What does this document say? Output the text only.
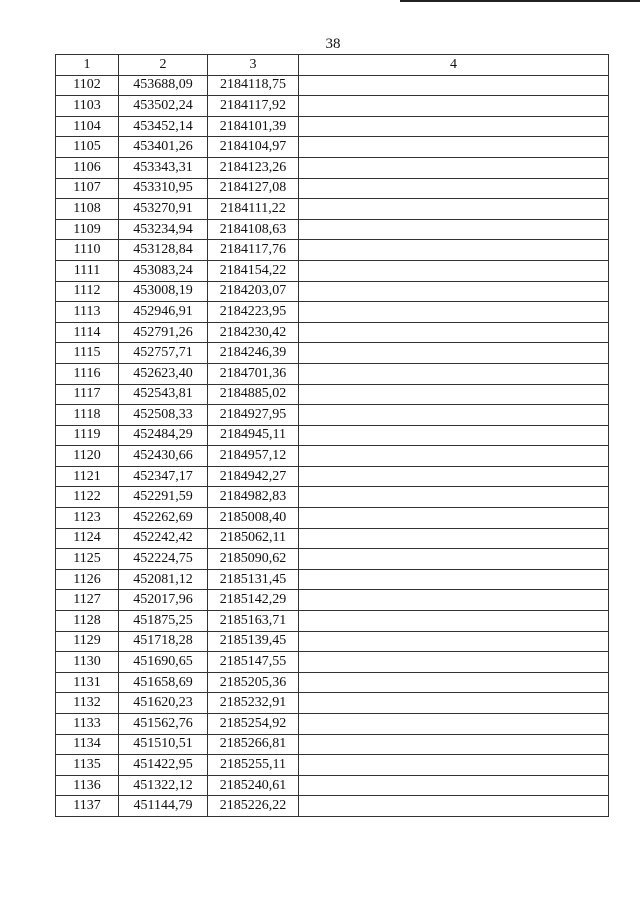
38
1	2	3	4
1102	453688,09	2184118,75	
1103	453502,24	2184117,92	
1104	453452,14	2184101,39	
1105	453401,26	2184104,97	
1106	453343,31	2184123,26	
1107	453310,95	2184127,08	
1108	453270,91	2184111,22	
1109	453234,94	2184108,63	
1110	453128,84	2184117,76	
1111	453083,24	2184154,22	
1112	453008,19	2184203,07	
1113	452946,91	2184223,95	
1114	452791,26	2184230,42	
1115	452757,71	2184246,39	
1116	452623,40	2184701,36	
1117	452543,81	2184885,02	
1118	452508,33	2184927,95	
1119	452484,29	2184945,11	
1120	452430,66	2184957,12	
1121	452347,17	2184942,27	
1122	452291,59	2184982,83	
1123	452262,69	2185008,40	
1124	452242,42	2185062,11	
1125	452224,75	2185090,62	
1126	452081,12	2185131,45	
1127	452017,96	2185142,29	
1128	451875,25	2185163,71	
1129	451718,28	2185139,45	
1130	451690,65	2185147,55	
1131	451658,69	2185205,36	
1132	451620,23	2185232,91	
1133	451562,76	2185254,92	
1134	451510,51	2185266,81	
1135	451422,95	2185255,11	
1136	451322,12	2185240,61	
1137	451144,79	2185226,22	
